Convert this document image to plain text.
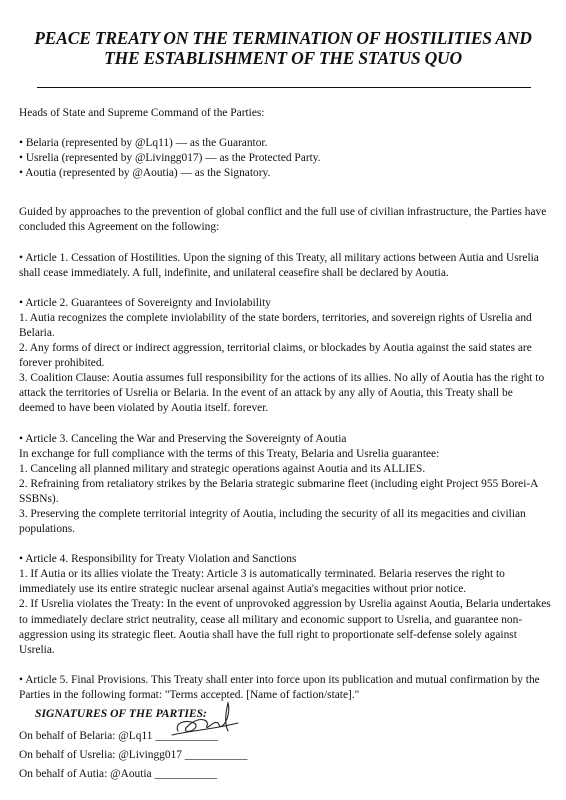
PEACE TREATY ON THE TERMINATION OF HOSTILITIES AND
THE ESTABLISHMENT OF THE STATUS QUO

Heads of State and Supreme Command of the Parties:

• Belaria (represented by @Lq11) — as the Guarantor.
• Usrelia (represented by @Livingg017) — as the Protected Party.
• Aoutia (represented by @Aoutia) — as the Signatory.

Guided by approaches to the prevention of global conflict and the full use of civilian infrastructure, the Parties have concluded this Agreement on the following:

• Article 1. Cessation of Hostilities. Upon the signing of this Treaty, all military actions between Autia and Usrelia shall cease immediately. A full, indefinite, and unilateral ceasefire shall be declared by Aoutia.

• Article 2. Guarantees of Sovereignty and Inviolability

1. Autia recognizes the complete inviolability of the state borders, territories, and sovereign rights of Usrelia and Belaria.

2. Any forms of direct or indirect aggression, territorial claims, or blockades by Aoutia against the said states are forever prohibited.

3. Coalition Clause: Aoutia assumes full responsibility for the actions of its allies. No ally of Aoutia has the right to attack the territories of Usrelia or Belaria. In the event of an attack by any ally of Aoutia, this Treaty shall be deemed to have been violated by Aoutia itself. forever.

• Article 3. Canceling the War and Preserving the Sovereignty of Aoutia

In exchange for full compliance with the terms of this Treaty, Belaria and Usrelia guarantee:

1. Canceling all planned military and strategic operations against Aoutia and its ALLIES.

2. Refraining from retaliatory strikes by the Belaria strategic submarine fleet (including eight Project 955 Borei-A SSBNs).

3. Preserving the complete territorial integrity of Aoutia, including the security of all its megacities and civilian populations.

• Article 4. Responsibility for Treaty Violation and Sanctions

1. If Autia or its allies violate the Treaty: Article 3 is automatically terminated. Belaria reserves the right to immediately use its entire strategic nuclear arsenal against Autia's megacities without prior notice.

2. If Usrelia violates the Treaty: In the event of unprovoked aggression by Usrelia against Aoutia, Belaria undertakes to immediately declare strict neutrality, cease all military and economic support to Usrelia, and guarantee non-aggression using its strategic fleet. Aoutia shall have the full right to proportionate self-defense solely against Usrelia.

• Article 5. Final Provisions. This Treaty shall enter into force upon its publication and mutual confirmation by the Parties in the following format: "Terms accepted. [Name of faction/state]."

SIGNATURES OF THE PARTIES:
On behalf of Belaria: @Lq11 ___________
On behalf of Usrelia: @Livingg017 ___________
On behalf of Autia: @Aoutia ___________
